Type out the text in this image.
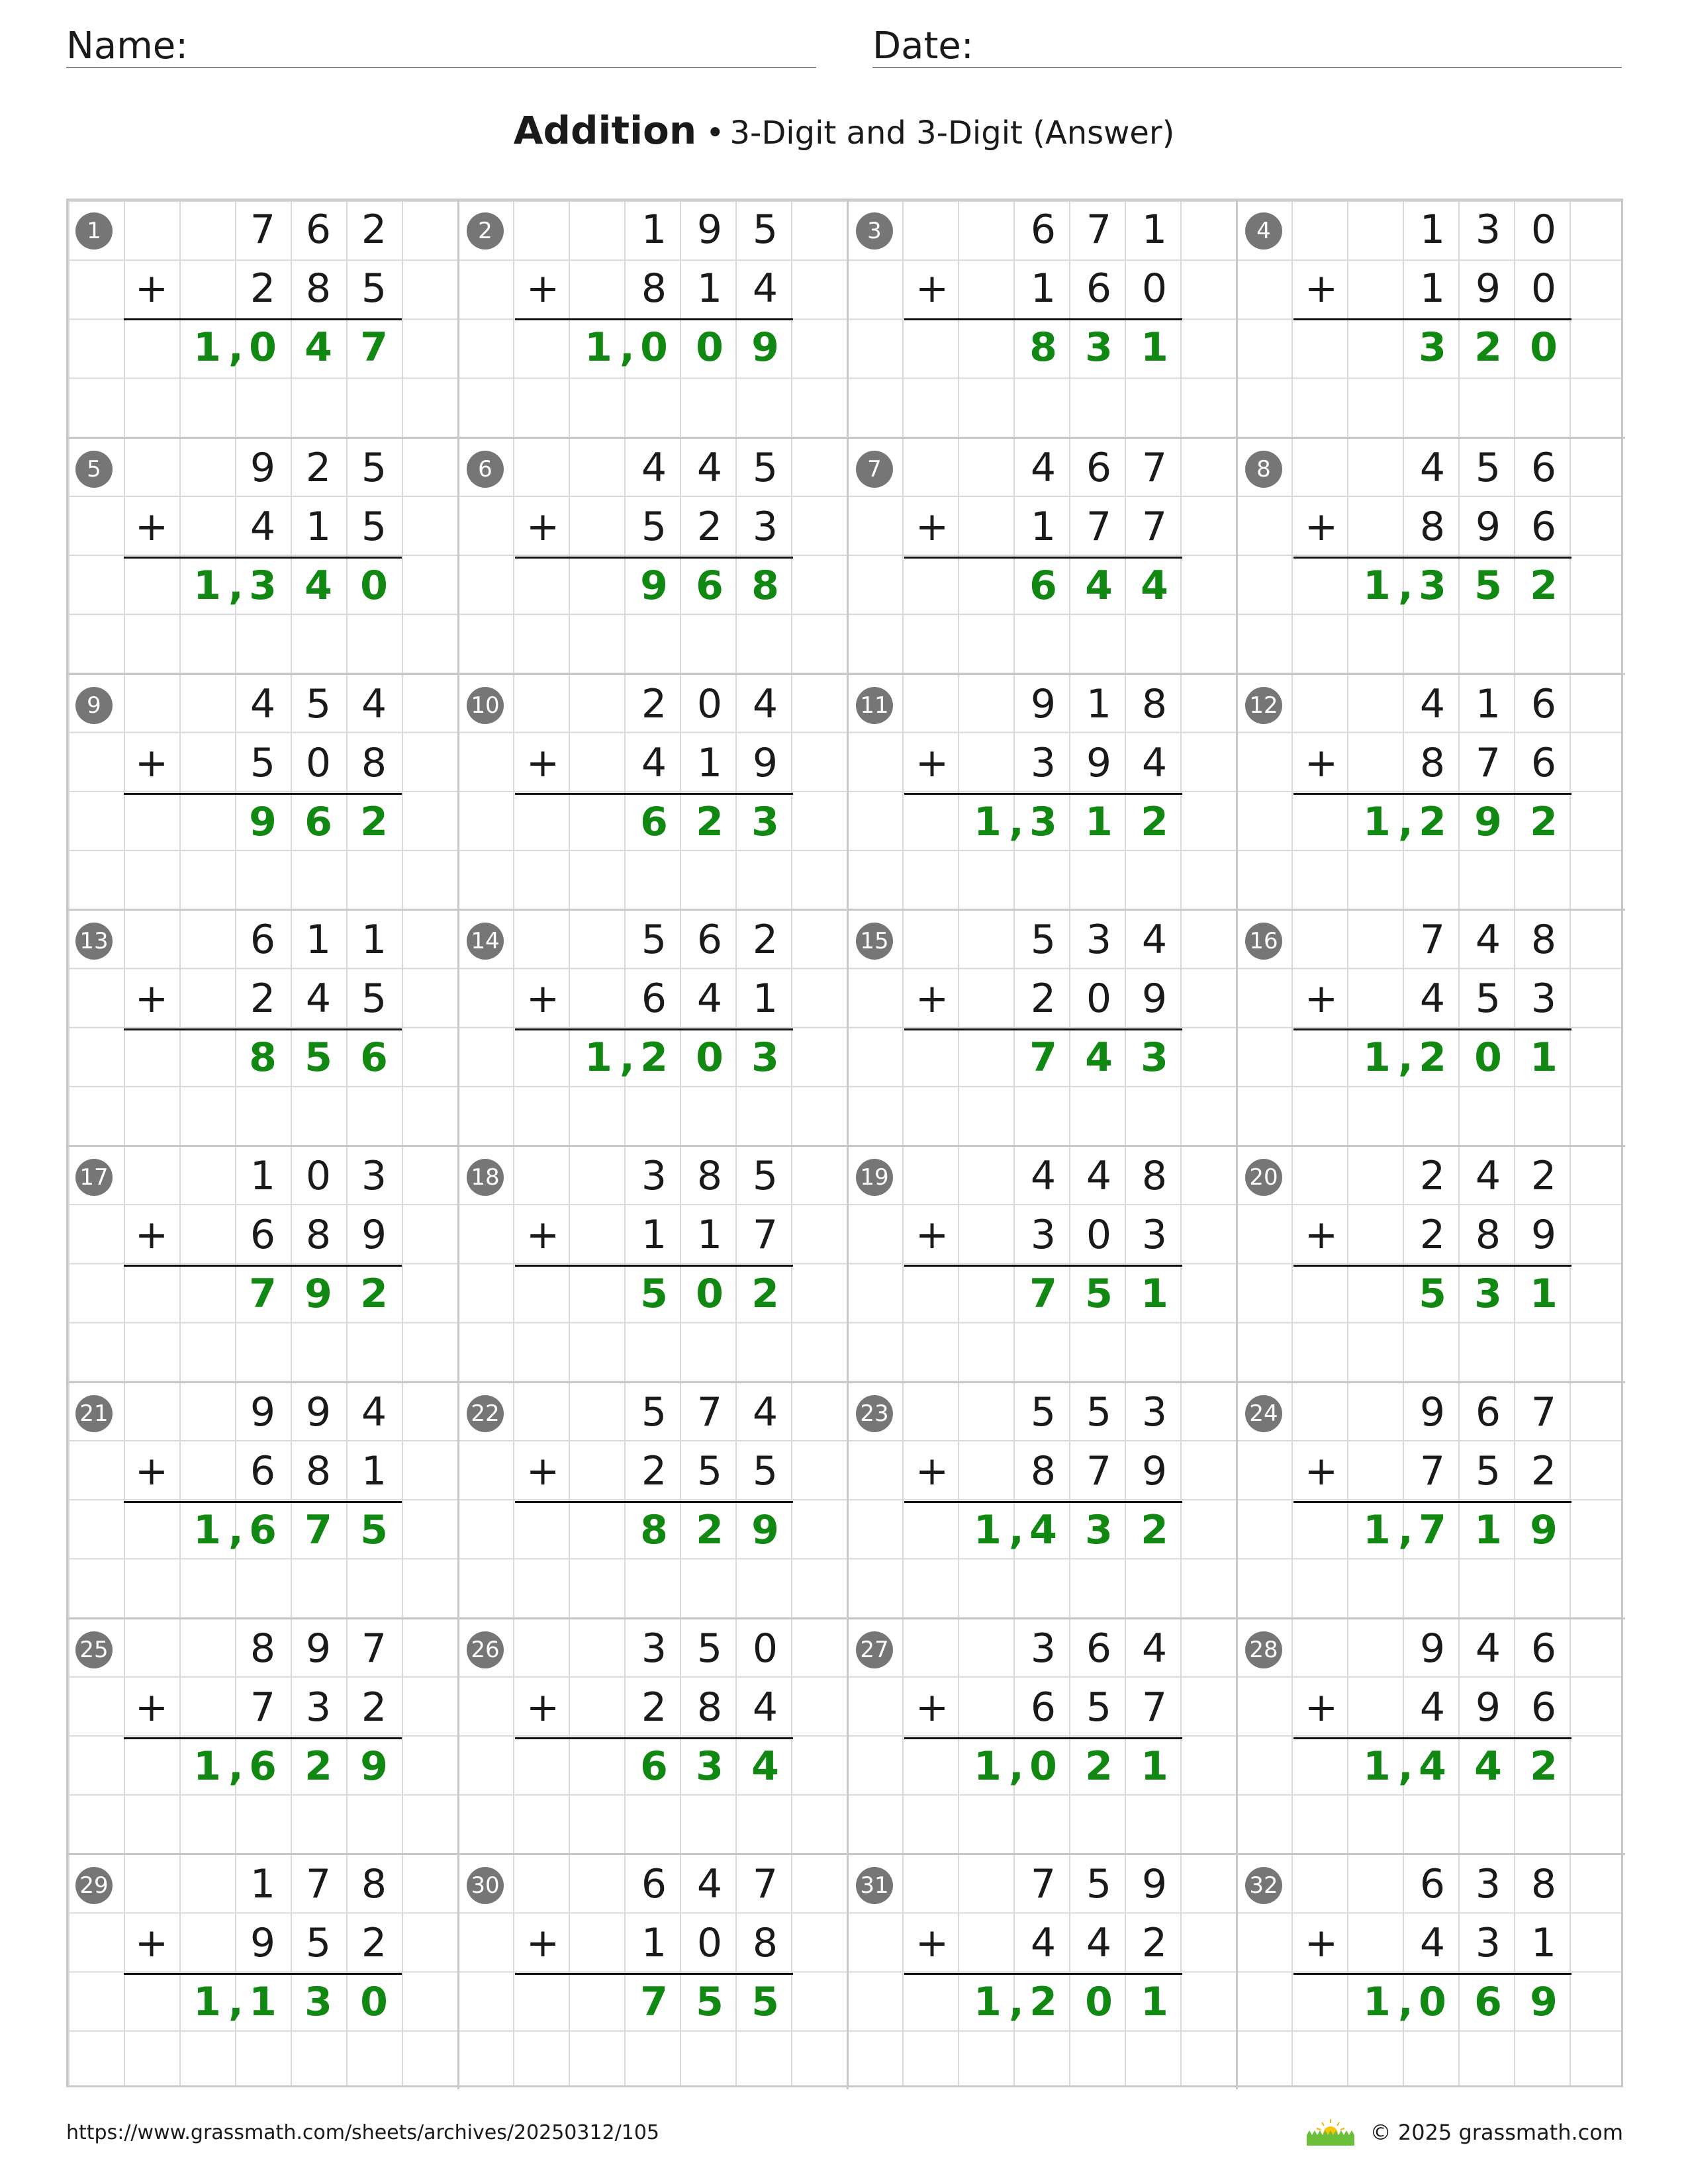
Name:	Date:
Addition • 3-Digit and 3-Digit (Answer)
1	7 6 2
2 8 5
+
1 0 4 7
,
2	1 9 5
8 1 4
+
1 0 0 9
,
3	6 7 1
1 6 0
+
8 3 1
4	1 3 0
1 9 0
+
3 2 0
5	9 2 5
4 1 5
+
1 3 4 0
,
6	4 4 5
5 2 3
+
9 6 8
7	4 6 7
1 7 7
+
6 4 4
8	4 5 6
8 9 6
+
1 3 5 2
,
9	4 5 4
5 0 8
+
9 6 2
10	2 0 4
4 1 9
+
6 2 3
11	9 1 8
3 9 4
+
1 3 1 2
,
12	4 1 6
8 7 6
+
1 2 9 2
,
13	6 1 1
2 4 5
+
8 5 6
14	5 6 2
6 4 1
+
1 2 0 3
,
15	5 3 4
2 0 9
+
7 4 3
16	7 4 8
4 5 3
+
1 2 0 1
,
17	1 0 3
6 8 9
+
7 9 2
18	3 8 5
1 1 7
+
5 0 2
19	4 4 8
3 0 3
+
7 5 1
20	2 4 2
2 8 9
+
5 3 1
21	9 9 4
6 8 1
+
1 6 7 5
,
22	5 7 4
2 5 5
+
8 2 9
23	5 5 3
8 7 9
+
1 4 3 2
,
24	9 6 7
7 5 2
+
1 7 1 9
,
25	8 9 7
7 3 2
+
1 6 2 9
,
26	3 5 0
2 8 4
+
6 3 4
27	3 6 4
6 5 7
+
1 0 2 1
,
28	9 4 6
4 9 6
+
1 4 4 2
,
29	1 7 8
9 5 2
+
1 1 3 0
,
30	6 4 7
1 0 8
+
7 5 5
31	7 5 9
4 4 2
+
1 2 0 1
,
32	6 3 8
4 3 1
+
1 0 6 9
,
https://www.grassmath.com/sheets/archives/20250312/105	© 2025 grassmath.com
